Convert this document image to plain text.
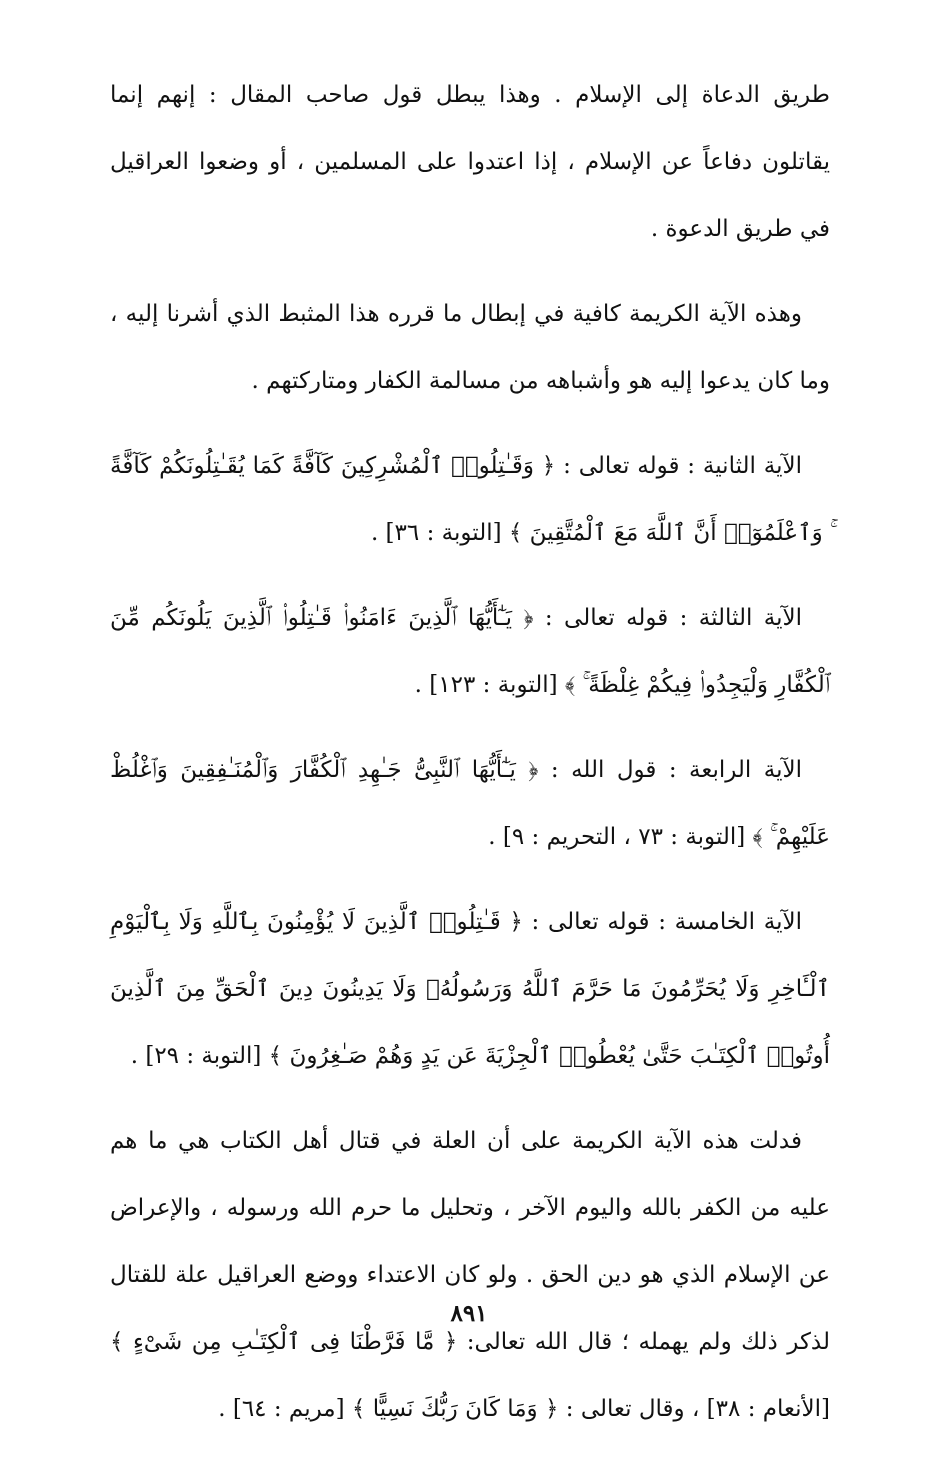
طريق الدعاة إلى الإسلام . وهذا يبطل قول صاحب المقال : إنهم إنما يقاتلون دفاعاً عن الإسلام ، إذا اعتدوا على المسلمين ، أو وضعوا العراقيل في طريق الدعوة .

وهذه الآية الكريمة كافية في إبطال ما قرره هذا المثبط الذي أشرنا إليه ، وما كان يدعوا إليه هو وأشباهه من مسالمة الكفار ومتاركتهم .

الآية الثانية : قوله تعالى : ﴿ وَقَـٰتِلُوا۟ ٱلْمُشْرِكِينَ كَآفَّةً كَمَا يُقَـٰتِلُونَكُمْ كَآفَّةً ۚ وَٱعْلَمُوٓا۟ أَنَّ ٱللَّهَ مَعَ ٱلْمُتَّقِينَ ﴾ [التوبة : ٣٦] .

الآية الثالثة : قوله تعالى : ﴿ يَـٰٓأَيُّهَا ٱلَّذِينَ ءَامَنُوا۟ قَـٰتِلُوا۟ ٱلَّذِينَ يَلُونَكُم مِّنَ ٱلْكُفَّارِ وَلْيَجِدُوا۟ فِيكُمْ غِلْظَةً ۚ ﴾ [التوبة : ١٢٣] .

الآية الرابعة : قول الله : ﴿ يَـٰٓأَيُّهَا ٱلنَّبِىُّ جَـٰهِدِ ٱلْكُفَّارَ وَٱلْمُنَـٰفِقِينَ وَٱغْلُظْ عَلَيْهِمْ ۚ ﴾ [التوبة : ٧٣ ، التحريم : ٩] .

الآية الخامسة : قوله تعالى : ﴿ قَـٰتِلُوا۟ ٱلَّذِينَ لَا يُؤْمِنُونَ بِٱللَّهِ وَلَا بِٱلْيَوْمِ ٱلْـَٔاخِرِ وَلَا يُحَرِّمُونَ مَا حَرَّمَ ٱللَّهُ وَرَسُولُهُۥ وَلَا يَدِينُونَ دِينَ ٱلْحَقِّ مِنَ ٱلَّذِينَ أُوتُوا۟ ٱلْكِتَـٰبَ حَتَّىٰ يُعْطُوا۟ ٱلْجِزْيَةَ عَن يَدٍ وَهُمْ صَـٰغِرُونَ ﴾ [التوبة : ٢٩] .

فدلت هذه الآية الكريمة على أن العلة في قتال أهل الكتاب هي ما هم عليه من الكفر بالله واليوم الآخر ، وتحليل ما حرم الله ورسوله ، والإعراض عن الإسلام الذي هو دين الحق . ولو كان الاعتداء ووضع العراقيل علة للقتال لذكر ذلك ولم يهمله ؛ قال الله تعالى: ﴿ مَّا فَرَّطْنَا فِى ٱلْكِتَـٰبِ مِن شَىْءٍ ﴾ [الأنعام : ٣٨] ، وقال تعالى : ﴿ وَمَا كَانَ رَبُّكَ نَسِيًّا ﴾ [مريم : ٦٤] .

٨٩١
